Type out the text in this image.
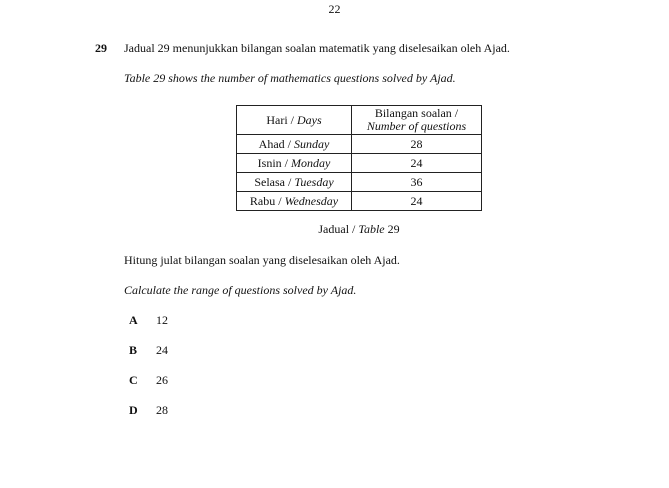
22
29 Jadual 29 menunjukkan bilangan soalan matematik yang diselesaikan oleh Ajad.
Table 29 shows the number of mathematics questions solved by Ajad.
Hari / Days	Bilangan soalan /
Number of questions
Ahad / Sunday	28
Isnin / Monday	24
Selasa / Tuesday	36
Rabu / Wednesday	24
Jadual / Table 29
Hitung julat bilangan soalan yang diselesaikan oleh Ajad.
Calculate the range of questions solved by Ajad.
A 12
B 24
C 26
D 28
